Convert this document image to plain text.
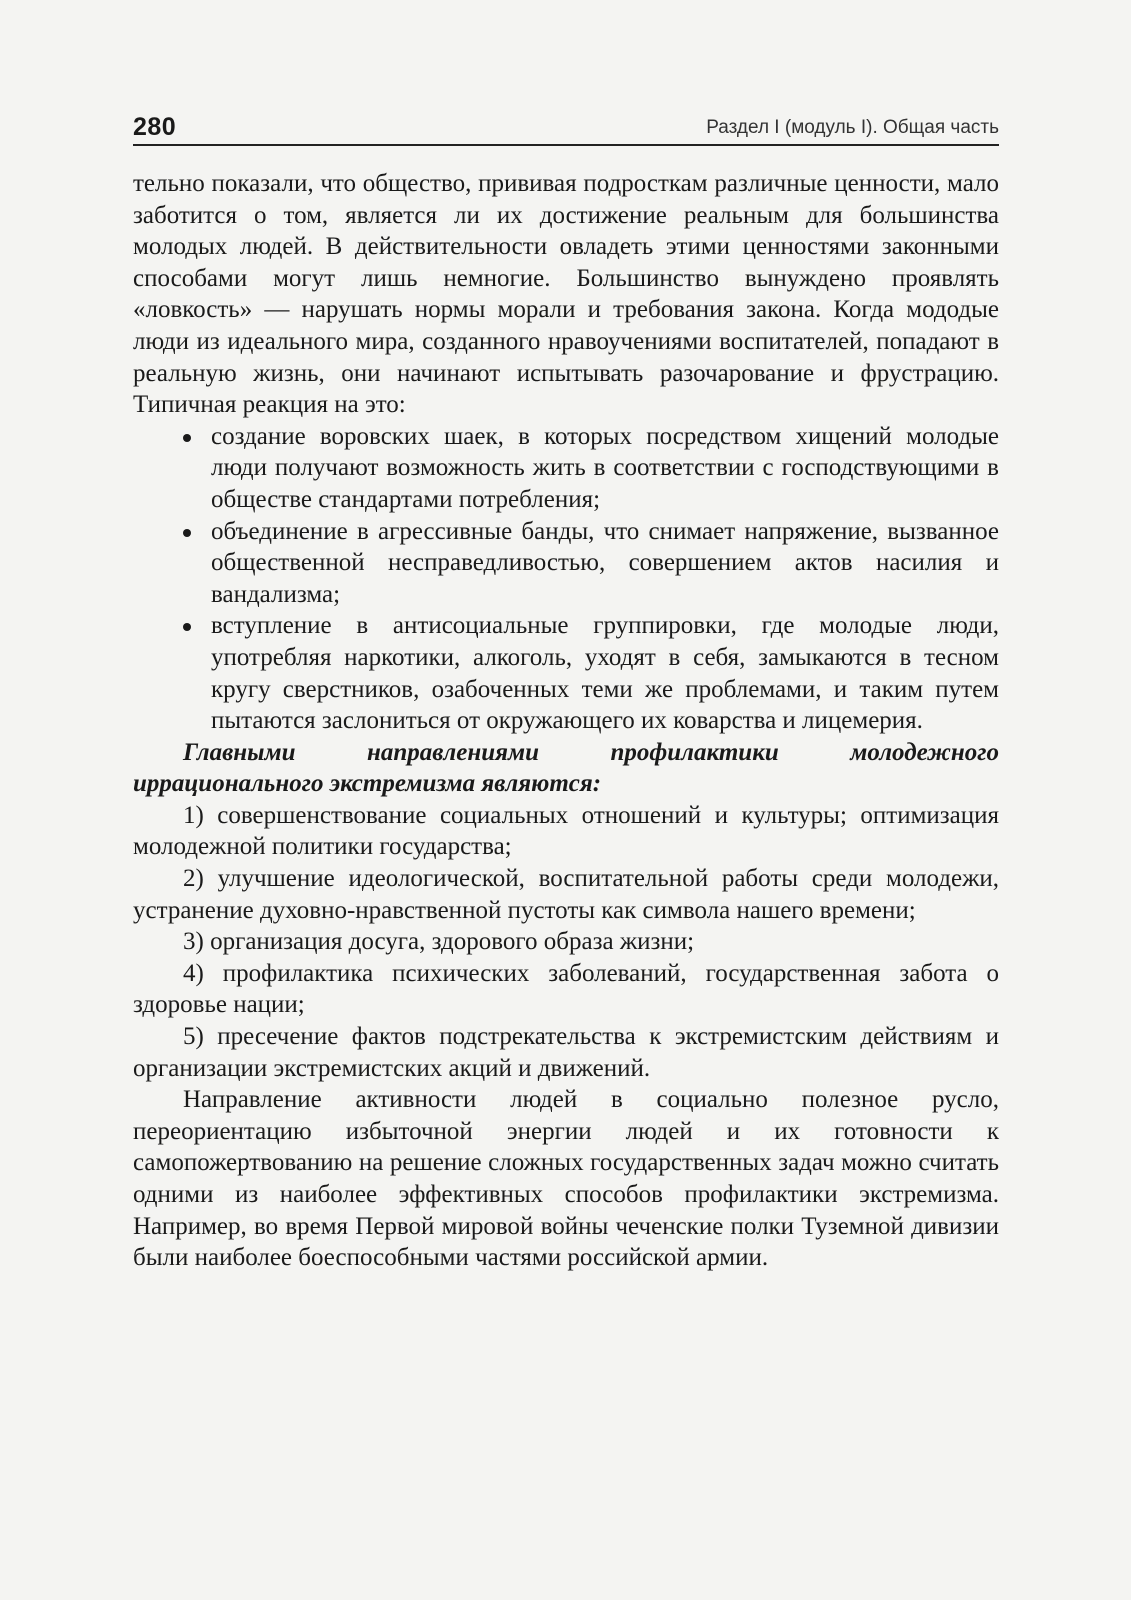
280	Раздел I (модуль I). Общая часть

тельно показали, что общество, прививая подросткам различные ценности, мало заботится о том, является ли их достижение реальным для большинства молодых людей. В действительности овладеть этими ценностями законными способами могут лишь немногие. Большинство вынуждено проявлять «ловкость» — нарушать нормы морали и требования закона. Когда мододые люди из идеального мира, созданного нравоучениями воспитателей, попадают в реальную жизнь, они начинают испытывать разочарование и фрустрацию. Типичная реакция на это:

создание воровских шаек, в которых посредством хищений молодые люди получают возможность жить в соответствии с господствующими в обществе стандартами потребления;
объединение в агрессивные банды, что снимает напряжение, вызванное общественной несправедливостью, совершением актов насилия и вандализма;
вступление в антисоциальные группировки, где молодые люди, употребляя наркотики, алкоголь, уходят в себя, замыкаются в тесном кругу сверстников, озабоченных теми же проблемами, и таким путем пытаются заслониться от окружающего их коварства и лицемерия.

Главными направлениями профилактики молодежного иррационального экстремизма являются:

1) совершенствование социальных отношений и культуры; оптимизация молодежной политики государства;

2) улучшение идеологической, воспитательной работы среди молодежи, устранение духовно-нравственной пустоты как символа нашего времени;

3) организация досуга, здорового образа жизни;

4) профилактика психических заболеваний, государственная забота о здоровье нации;

5) пресечение фактов подстрекательства к экстремистским действиям и организации экстремистских акций и движений.

Направление активности людей в социально полезное русло, переориентацию избыточной энергии людей и их готовности к самопожертвованию на решение сложных государственных задач можно считать одними из наиболее эффективных способов профилактики экстремизма. Например, во время Первой мировой войны чеченские полки Туземной дивизии были наиболее боеспособными частями российской армии.
